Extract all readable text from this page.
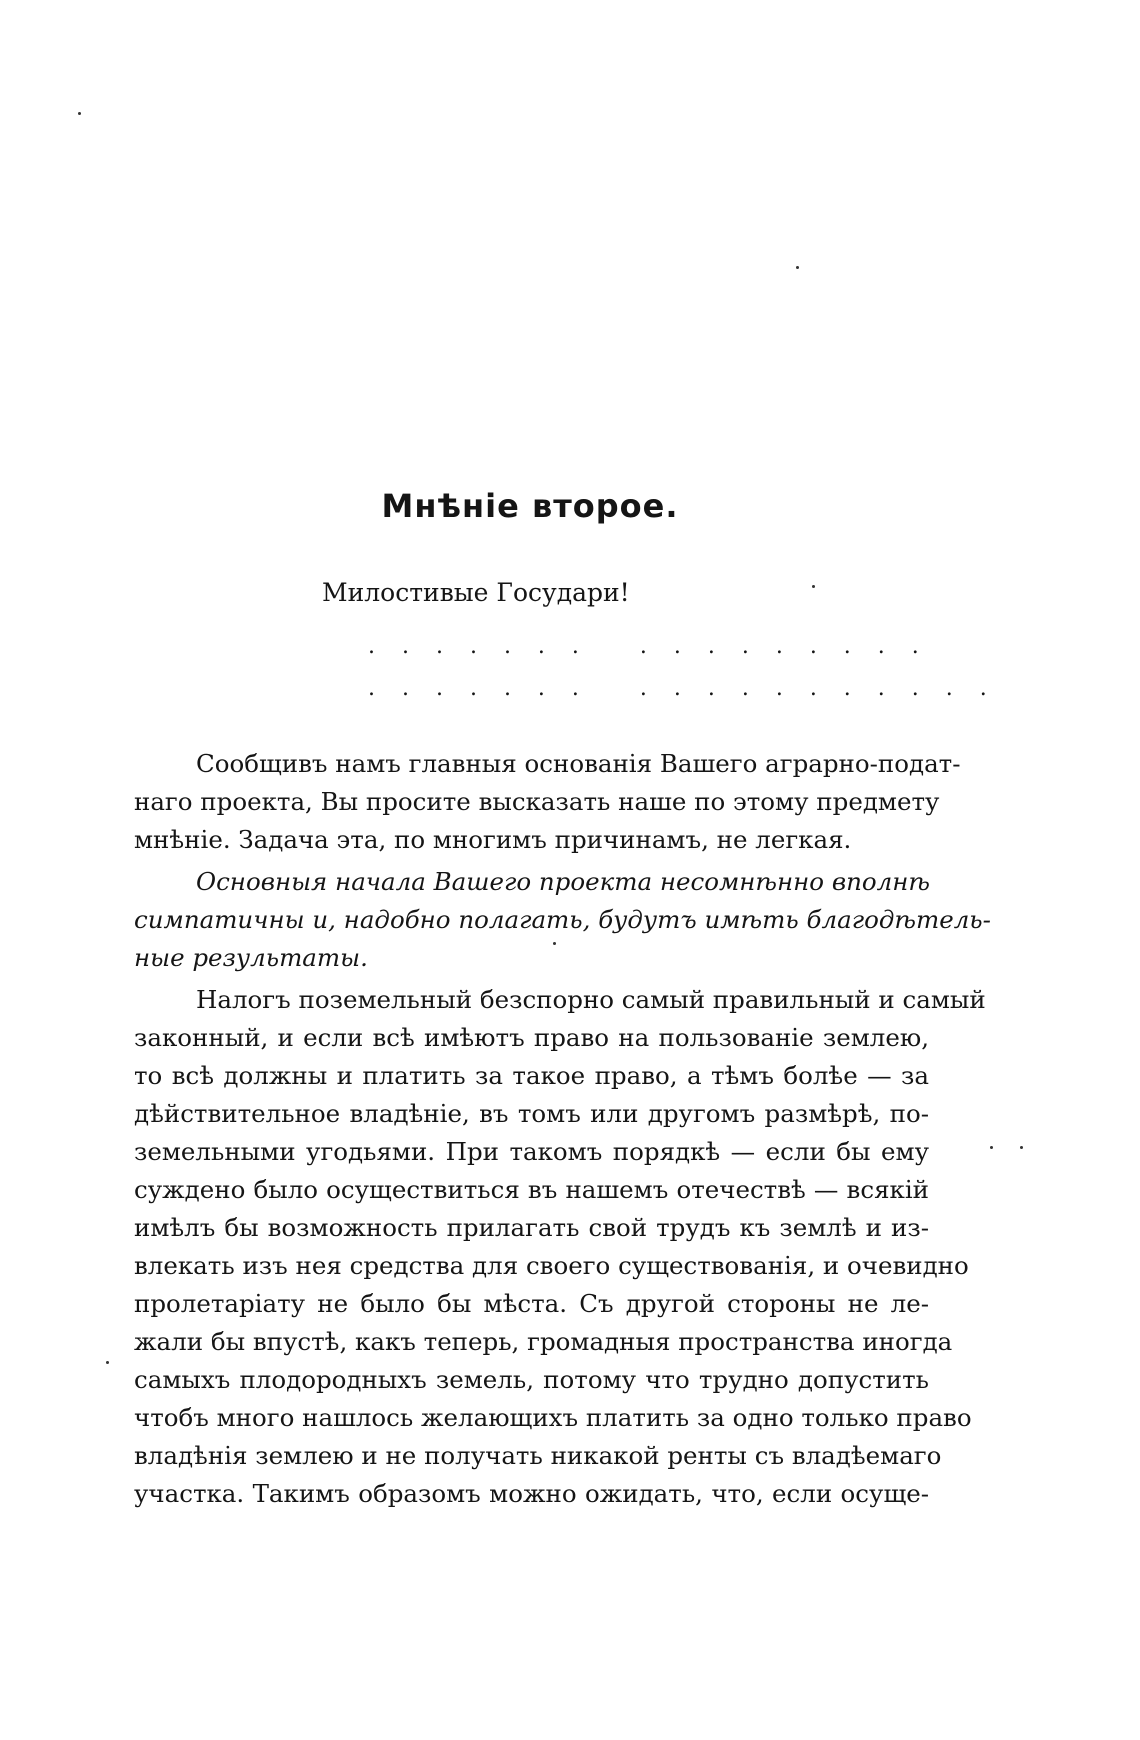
Мнѣніе второе.

Милостивые Государи!

. . . . . . .   . . . . . . . . .

. . . . . . .   . . . . . . . . . . .

Сообщивъ намъ главныя основанія Вашего аграрно-подат-
наго проекта, Вы просите высказать наше по этому предмету
мнѣніе. Задача эта, по многимъ причинамъ, не легкая.
Основныя начала Вашего проекта несомнѣнно вполнѣ
симпатичны и, надобно полагать, будутъ имѣть благодѣтель-
ные результаты.
Налогъ поземельный безспорно самый правильный и самый
законный, и если всѣ имѣютъ право на пользованіе землею,
то всѣ должны и платить за такое право, а тѣмъ болѣе — за
дѣйствительное владѣніе, въ томъ или другомъ размѣрѣ, по-
земельными угодьями. При такомъ порядкѣ — если бы ему
суждено было осуществиться въ нашемъ отечествѣ — всякій
имѣлъ бы возможность прилагать свой трудъ къ землѣ и из-
влекать изъ нея средства для своего существованія, и очевидно
пролетаріату не было бы мѣста. Съ другой стороны не ле-
жали бы впустѣ, какъ теперь, громадныя пространства иногда
самыхъ плодородныхъ земель, потому что трудно допустить
чтобъ много нашлось желающихъ платить за одно только право
владѣнія землею и не получать никакой ренты съ владѣемаго
участка. Такимъ образомъ можно ожидать, что, если осуще-
